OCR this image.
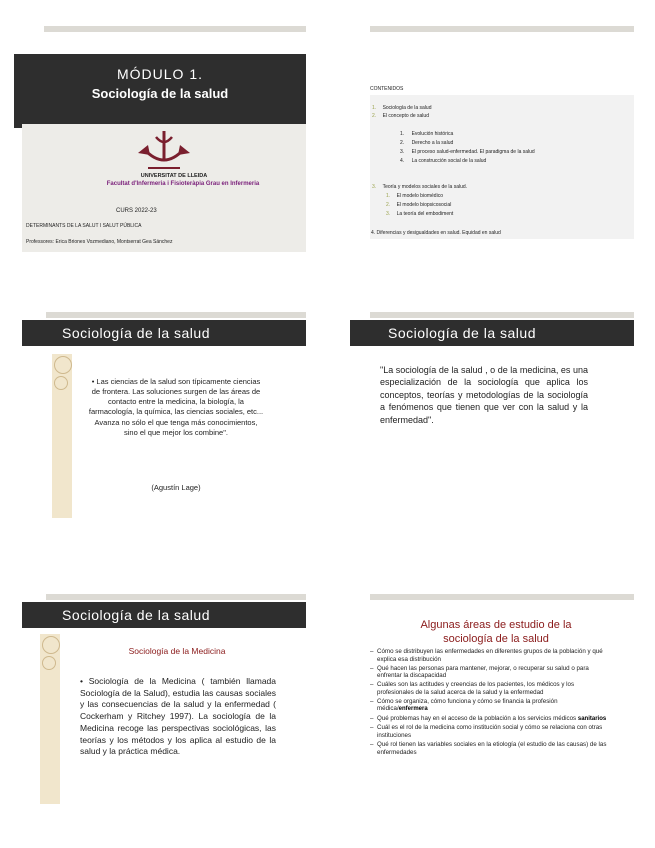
MÓDULO 1.
Sociología de la salud
UNIVERSITAT DE LLEIDA
Facultat d'Infermeria i Fisioteràpia Grau en Infermeria
CURS 2022-23
DETERMINANTS DE LA SALUT I SALUT PÚBLICA
Professores: Erica Briones Vozmediano, Montserrat Gea Sánchez
CONTENIDOS
1. Sociología de la salud
2. El concepto de salud
1. Evolución histórica
2. Derecho a la salud
3. El proceso salud-enfermedad. El paradigma de la salud
4. La construcción social de la salud
3. Teoría y modelos sociales de la salud.
1. El modelo biomédico
2. El modelo biopsicosocial
3. La teoría del embodiment
4. Diferencias y desigualdades en salud. Equidad en salud
Sociología de la salud
• Las ciencias de la salud son típicamente ciencias de frontera. Las soluciones surgen de las áreas de contacto entre la medicina, la biología, la farmacología, la química, las ciencias sociales, etc... Avanza no sólo el que tenga más conocimientos, sino el que mejor los combine".
(Agustín Lage)
Sociología de la salud
"La sociología de la salud , o de la medicina, es una especialización de la sociología que aplica los conceptos, teorías y metodologías de la sociología a fenómenos que tienen que ver con la salud y la enfermedad".
Sociología de la salud
Sociología de la Medicina
• Sociología de la Medicina ( también llamada Sociología de la Salud), estudia las causas sociales y las consecuencias de la salud y la enfermedad ( Cockerham y Ritchey 1997). La sociología de la Medicina recoge las perspectivas sociológicas, las teorías y los métodos y los aplica al estudio de la salud y la práctica médica.
Algunas áreas de estudio de la sociología de la salud
– Cómo se distribuyen las enfermedades en diferentes grupos de la población y qué explica esa distribución
– Qué hacen las personas para mantener, mejorar, o recuperar su salud o para enfrentar la discapacidad
– Cuáles son las actitudes y creencias de los pacientes, los médicos y los profesionales de la salud acerca de la salud y la enfermedad
– Cómo se organiza, cómo funciona y cómo se financia la profesión médica/enfermera
– Qué problemas hay en el acceso de la población a los servicios médicos sanitarios
– Cuál es el rol de la medicina como institución social y cómo se relaciona con otras instituciones
– Qué rol tienen las variables sociales en la etiología (el estudio de las causas) de las enfermedades
